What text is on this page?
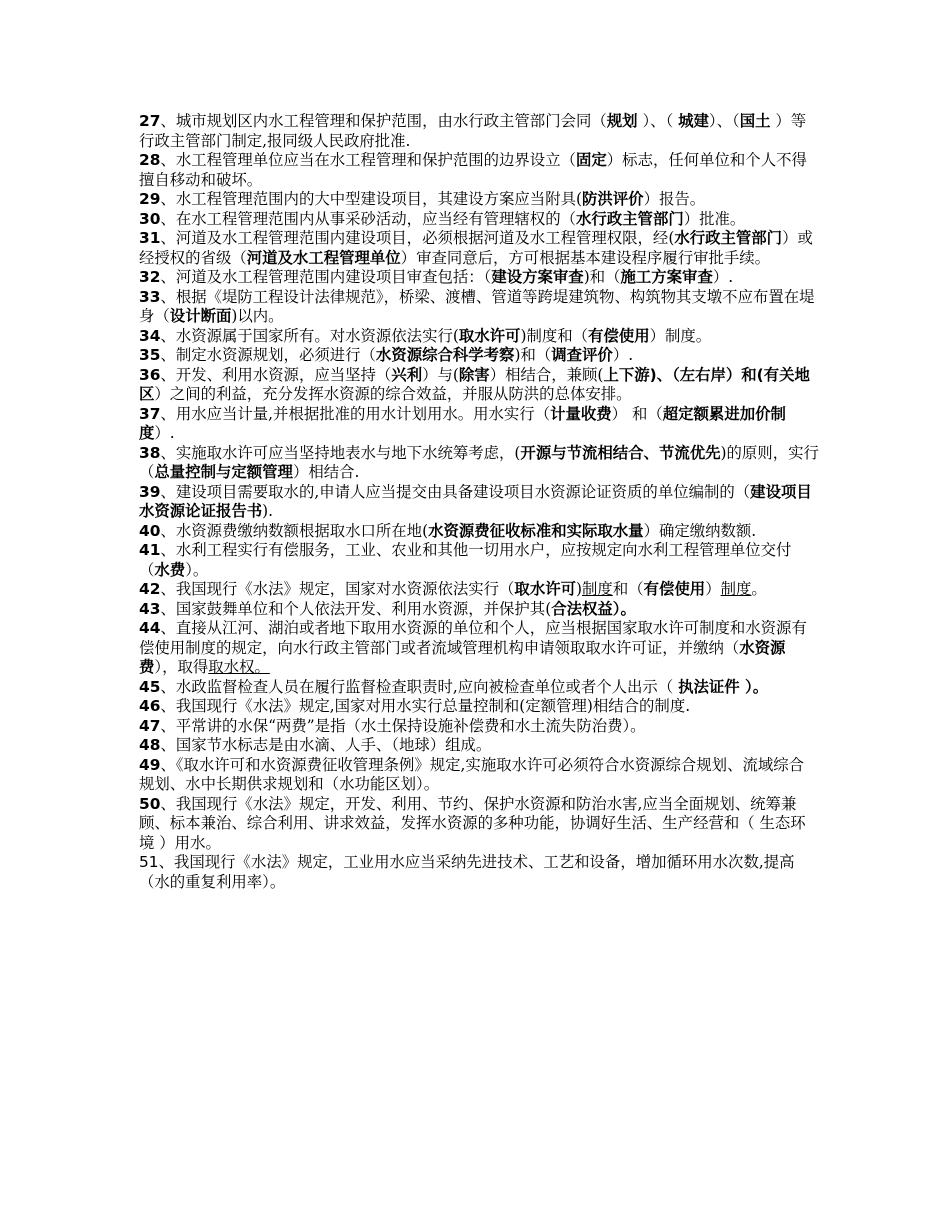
27、城市规划区内水工程管理和保护范围，由水行政主管部门会同（规划 ）、（ 城建）、（国土 ）等行政主管部门制定,报同级人民政府批准.

28、水工程管理单位应当在水工程管理和保护范围的边界设立（固定）标志，任何单位和个人不得擅自移动和破坏。

29、水工程管理范围内的大中型建设项目，其建设方案应当附具(防洪评价）报告。

30、在水工程管理范围内从事采砂活动，应当经有管理辖权的（水行政主管部门）批准。

31、河道及水工程管理范围内建设项目，必须根据河道及水工程管理权限，经(水行政主管部门）或经授权的省级（河道及水工程管理单位）审查同意后，方可根据基本建设程序履行审批手续。

32、河道及水工程管理范围内建设项目审查包括：（建设方案审查)和（施工方案审查）.

33、根据《堤防工程设计法律规范》，桥梁、渡槽、管道等跨堤建筑物、构筑物其支墩不应布置在堤身（设计断面)以内。

34、水资源属于国家所有。对水资源依法实行(取水许可)制度和（有偿使用）制度。

35、制定水资源规划，必须进行（水资源综合科学考察)和（调查评价）.

36、开发、利用水资源，应当坚持（兴利）与(除害）相结合，兼顾(上下游)、（左右岸）和(有关地区）之间的利益，充分发挥水资源的综合效益，并服从防洪的总体安排。

37、用水应当计量,并根据批准的用水计划用水。用水实行（计量收费） 和（超定额累进加价制度）.

38、实施取水许可应当坚持地表水与地下水统筹考虑，(开源与节流相结合、节流优先)的原则，实行（总量控制与定额管理）相结合.

39、建设项目需要取水的,申请人应当提交由具备建设项目水资源论证资质的单位编制的（建设项目水资源论证报告书).

40、水资源费缴纳数额根据取水口所在地(水资源费征收标准和实际取水量）确定缴纳数额.

41、水利工程实行有偿服务，工业、农业和其他一切用水户，应按规定向水利工程管理单位交付（水费）。

42、我国现行《水法》规定，国家对水资源依法实行（取水许可)制度和（有偿使用）制度。

43、国家鼓舞单位和个人依法开发、利用水资源，并保护其(合法权益）。

44、直接从江河、湖泊或者地下取用水资源的单位和个人，应当根据国家取水许可制度和水资源有偿使用制度的规定，向水行政主管部门或者流域管理机构申请领取取水许可证，并缴纳（水资源费），取得取水权。

45、水政监督检查人员在履行监督检查职责时,应向被检查单位或者个人出示（ 执法证件 ）。

46、我国现行《水法》规定,国家对用水实行总量控制和(定额管理)相结合的制度.

47、平常讲的水保“两费”是指（水土保持设施补偿费和水土流失防治费）。

48、国家节水标志是由水滴、人手、（地球）组成。

49、《取水许可和水资源费征收管理条例》规定,实施取水许可必须符合水资源综合规划、流域综合规划、水中长期供求规划和（水功能区划）。

50、我国现行《水法》规定，开发、利用、节约、保护水资源和防治水害,应当全面规划、统筹兼顾、标本兼治、综合利用、讲求效益，发挥水资源的多种功能，协调好生活、生产经营和（ 生态环境 ）用水。

51、我国现行《水法》规定，工业用水应当采纳先进技术、工艺和设备，增加循环用水次数,提高（水的重复利用率）。
